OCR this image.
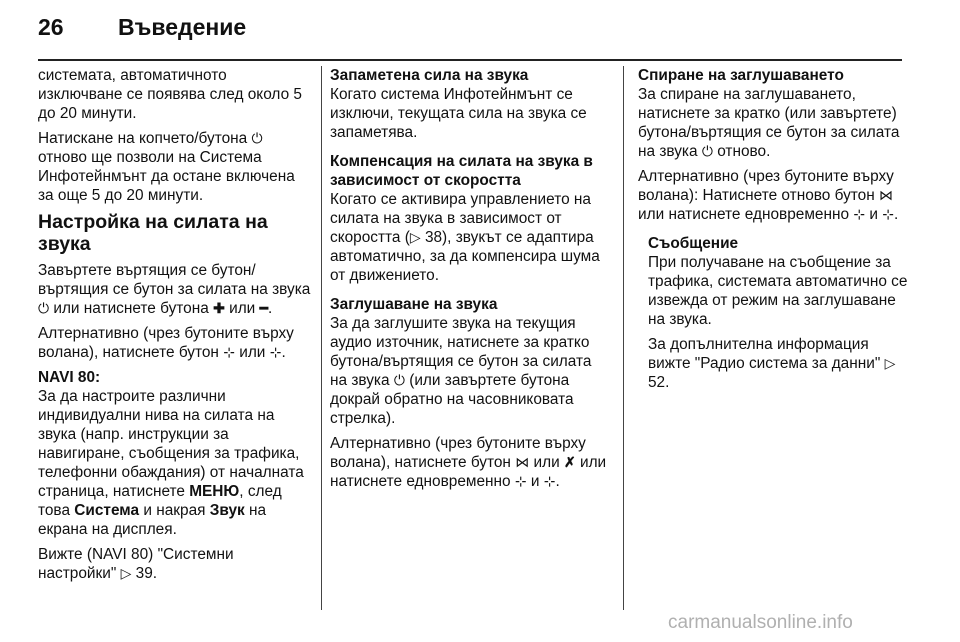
26 Въведение

системата, автоматичното изключване се появява след около 5 до 20 минути.

Натискане на копчето/бутона ⏻ отново ще позволи на Система Инфотейнмънт да остане включена за още 5 до 20 минути.

Настройка на силата на звука

Завъртете въртящия се бутон/ въртящия се бутон за силата на звука ⏻ или натиснете бутона ✚ или ━.

Алтернативно (чрез бутоните върху волана), натиснете бутон ⊹ или ⊹.

NAVI 80:

За да настроите различни индивидуални нива на силата на звука (напр. инструкции за навигиране, съобщения за трафика, телефонни обаждания) от началната страница, натиснете МЕНЮ, след това Система и накрая Звук на екрана на дисплея.

Вижте (NAVI 80) "Системни настройки" ▷ 39.

Запаметена сила на звука

Когато система Инфотейнмънт се изключи, текущата сила на звука се запаметява.

Компенсация на силата на звука в зависимост от скоростта

Когато се активира управлението на силата на звука в зависимост от скоростта (▷ 38), звукът се адаптира автоматично, за да компенсира шума от движението.

Заглушаване на звука

За да заглушите звука на текущия аудио източник, натиснете за кратко бутона/въртящия се бутон за силата на звука ⏻ (или завъртете бутона докрай обратно на часовниковата стрелка).

Алтернативно (чрез бутоните върху волана), натиснете бутон ⋈ или ✗ или натиснете едновременно ⊹ и ⊹.

Спиране на заглушаването

За спиране на заглушаването, натиснете за кратко (или завъртете) бутона/въртящия се бутон за силата на звука ⏻ отново.

Алтернативно (чрез бутоните върху волана): Натиснете отново бутон ⋈ или натиснете едновременно ⊹ и ⊹.

Съобщение

При получаване на съобщение за трафика, системата автоматично се извежда от режим на заглушаване на звука.

За допълнителна информация вижте "Радио система за данни" ▷ 52.

carmanualsonline.info
